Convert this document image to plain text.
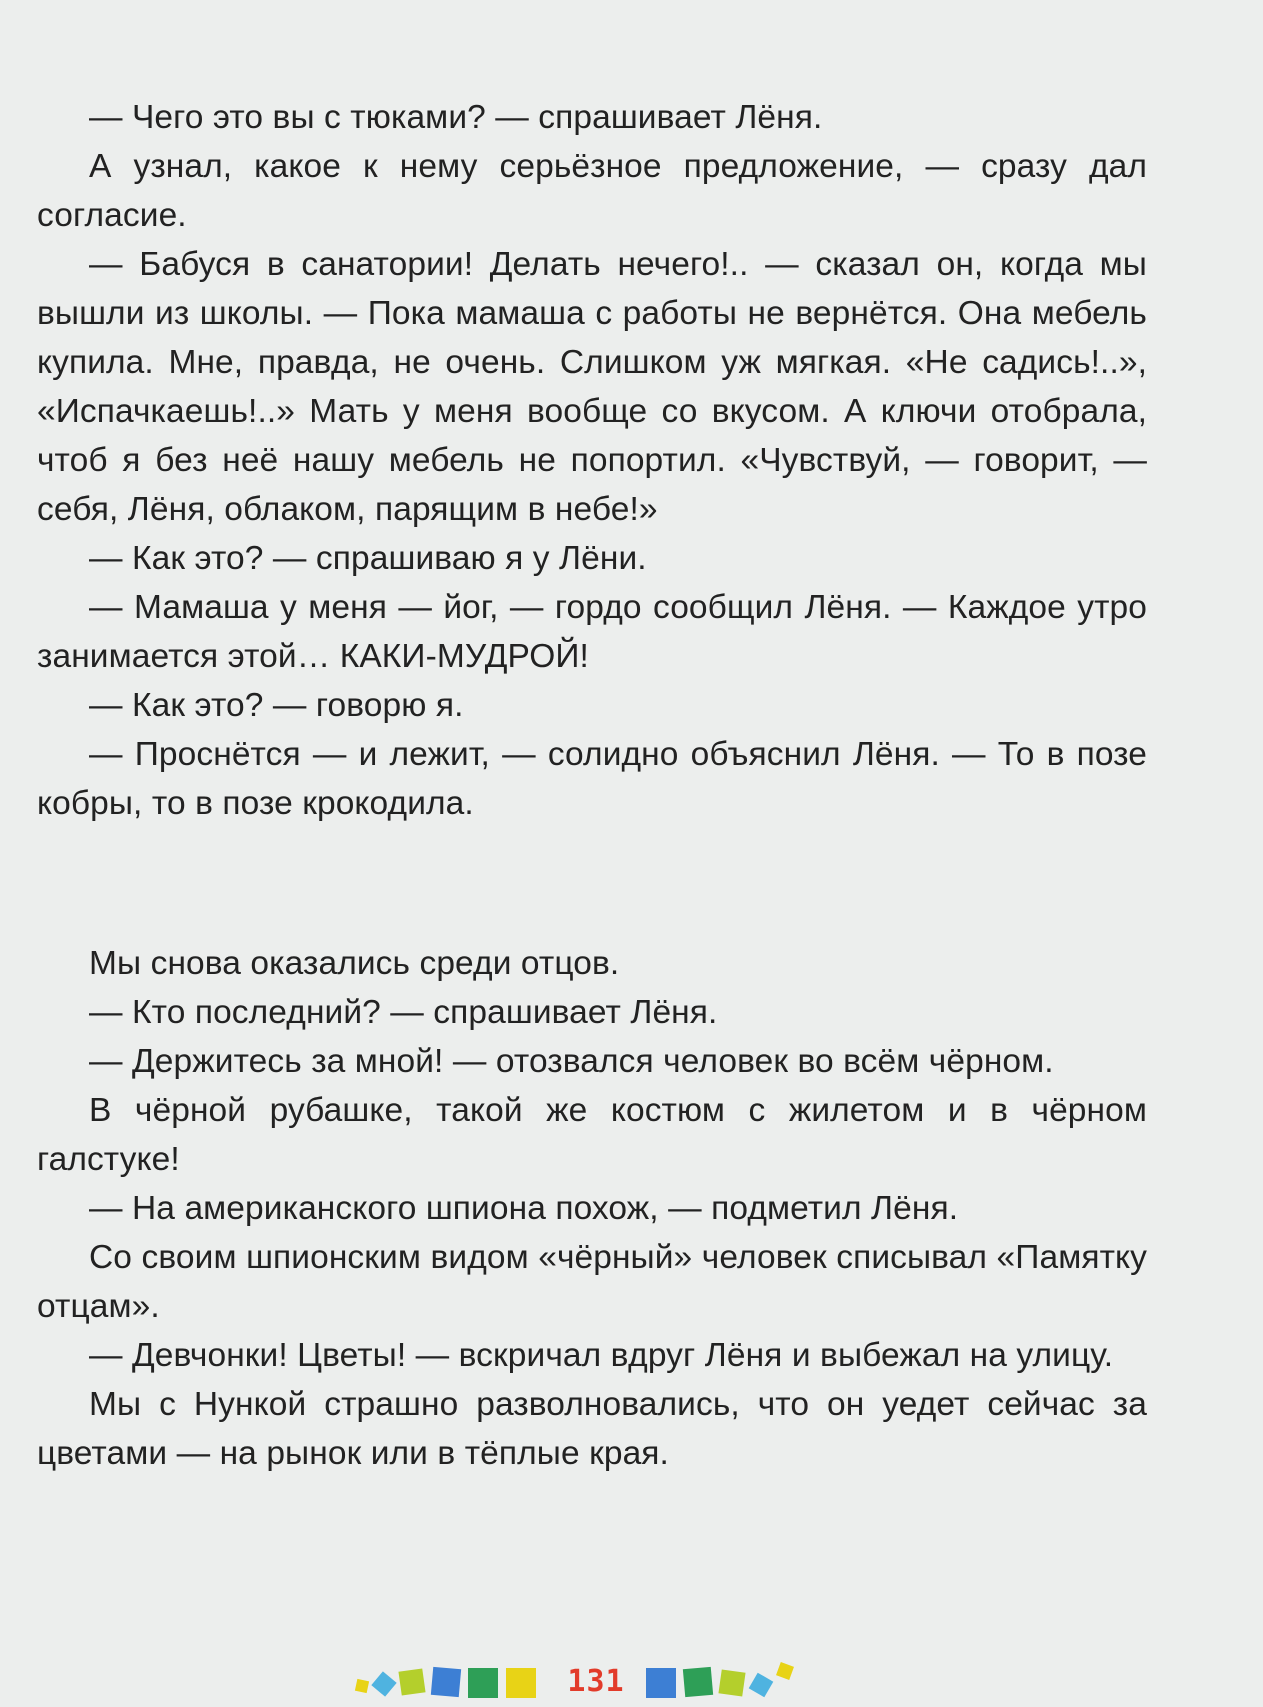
— Чего это вы с тюками? — спрашивает Лёня.

А узнал, какое к нему серьёзное предложение, — сразу дал согласие.

— Бабуся в санатории! Делать нечего!.. — сказал он, когда мы вышли из школы. — Пока мамаша с работы не вернётся. Она мебель купила. Мне, правда, не очень. Слишком уж мягкая. «Не садись!..», «Испачкаешь!..» Мать у меня вообще со вкусом. А ключи отобрала, чтоб я без неё нашу мебель не попортил. «Чувствуй, — говорит, — себя, Лёня, облаком, парящим в небе!»

— Как это? — спрашиваю я у Лёни.

— Мамаша у меня — йог, — гордо сообщил Лёня. — Каждое утро занимается этой… КАКИ-МУДРОЙ!

— Как это? — говорю я.

— Проснётся — и лежит, — солидно объяснил Лёня. — То в позе кобры, то в позе крокодила.

Мы снова оказались среди отцов.

— Кто последний? — спрашивает Лёня.

— Держитесь за мной! — отозвался человек во всём чёрном.

В чёрной рубашке, такой же костюм с жилетом и в чёрном галстуке!

— На американского шпиона похож, — подметил Лёня.

Со своим шпионским видом «чёрный» человек списывал «Памятку отцам».

— Девчонки! Цветы! — вскричал вдруг Лёня и выбежал на улицу.

Мы с Нункой страшно разволновались, что он уедет сейчас за цветами — на рынок или в тёплые края.

131
